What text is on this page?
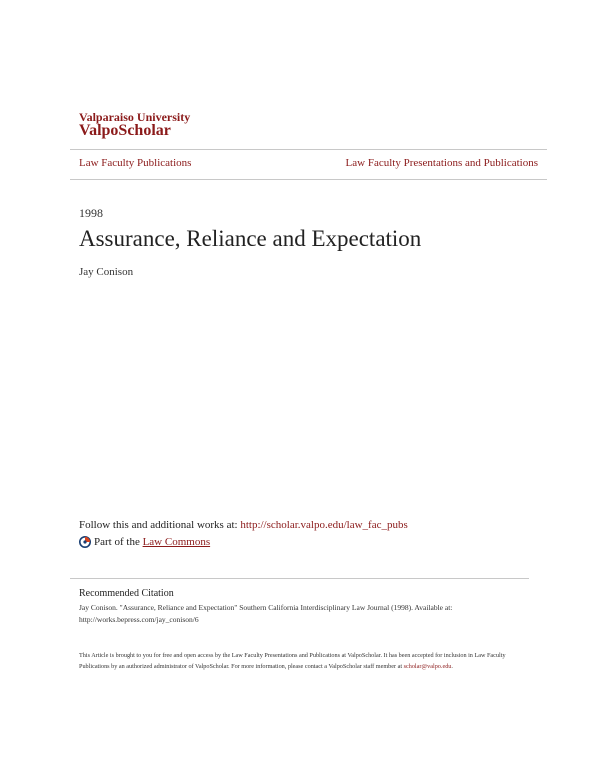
Valparaiso University
ValpoScholar
Law Faculty Publications	Law Faculty Presentations and Publications
1998
Assurance, Reliance and Expectation
Jay Conison
Follow this and additional works at: http://scholar.valpo.edu/law_fac_pubs
Part of the
Law Commons
Recommended Citation
Jay Conison. "Assurance, Reliance and Expectation" Southern California Interdisciplinary Law Journal (1998). Available at: http://works.bepress.com/jay_conison/6
This Article is brought to you for free and open access by the Law Faculty Presentations and Publications at ValpoScholar. It has been accepted for inclusion in Law Faculty Publications by an authorized administrator of ValpoScholar. For more information, please contact a ValpoScholar staff member at scholar@valpo.edu.
